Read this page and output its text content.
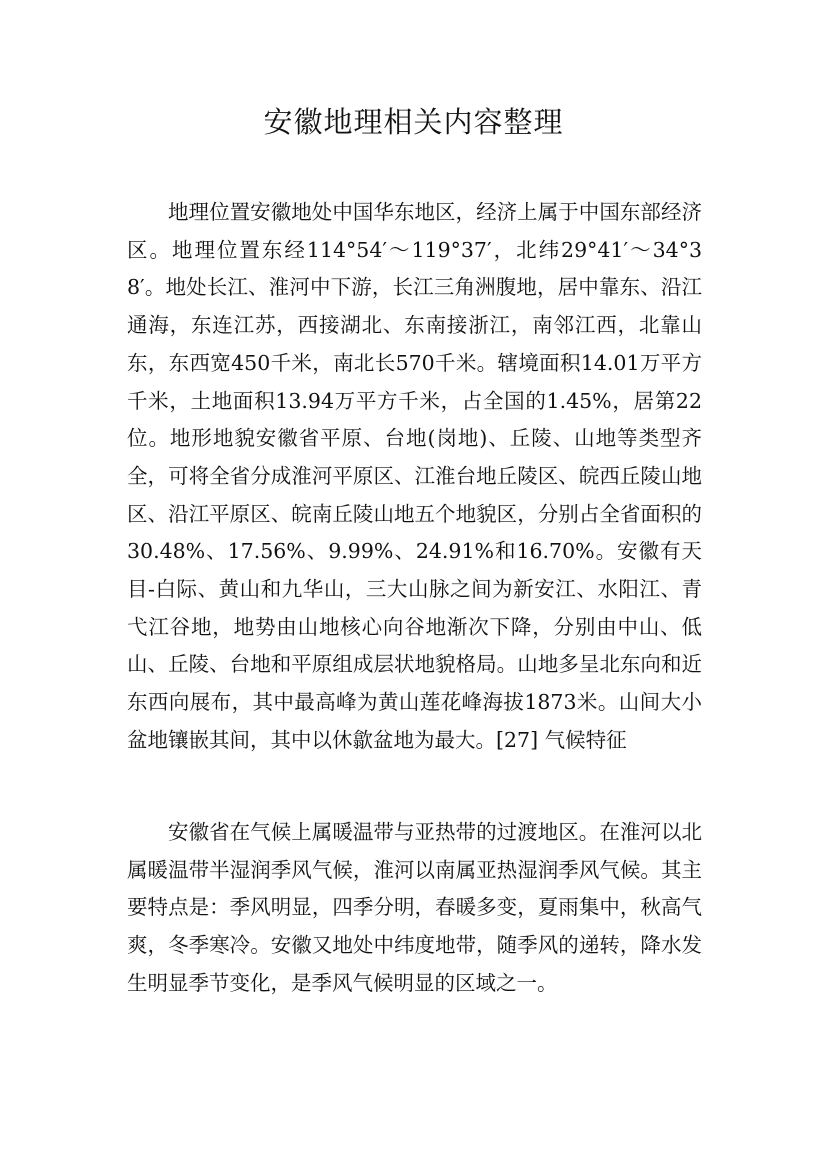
安徽地理相关内容整理

地理位置安徽地处中国华东地区，经济上属于中国东部经济区。地理位置东经114°54′～119°37′，北纬29°41′～34°38′。地处长江、淮河中下游，长江三角洲腹地，居中靠东、沿江通海，东连江苏，西接湖北、东南接浙江，南邻江西，北靠山东，东西宽450千米，南北长570千米。辖境面积14.01万平方千米，土地面积13.94万平方千米，占全国的1.45%，居第22位。地形地貌安徽省平原、台地(岗地)、丘陵、山地等类型齐全，可将全省分成淮河平原区、江淮台地丘陵区、皖西丘陵山地区、沿江平原区、皖南丘陵山地五个地貌区，分别占全省面积的30.48%、17.56%、9.99%、24.91%和16.70%。安徽有天目-白际、黄山和九华山，三大山脉之间为新安江、水阳江、青弋江谷地，地势由山地核心向谷地渐次下降，分别由中山、低山、丘陵、台地和平原组成层状地貌格局。山地多呈北东向和近东西向展布，其中最高峰为黄山莲花峰海拔1873米。山间大小盆地镶嵌其间，其中以休歙盆地为最大。[27] 气候特征

安徽省在气候上属暖温带与亚热带的过渡地区。在淮河以北属暖温带半湿润季风气候，淮河以南属亚热湿润季风气候。其主要特点是：季风明显，四季分明，春暖多变，夏雨集中，秋高气爽，冬季寒冷。安徽又地处中纬度地带，随季风的递转，降水发生明显季节变化，是季风气候明显的区域之一。
